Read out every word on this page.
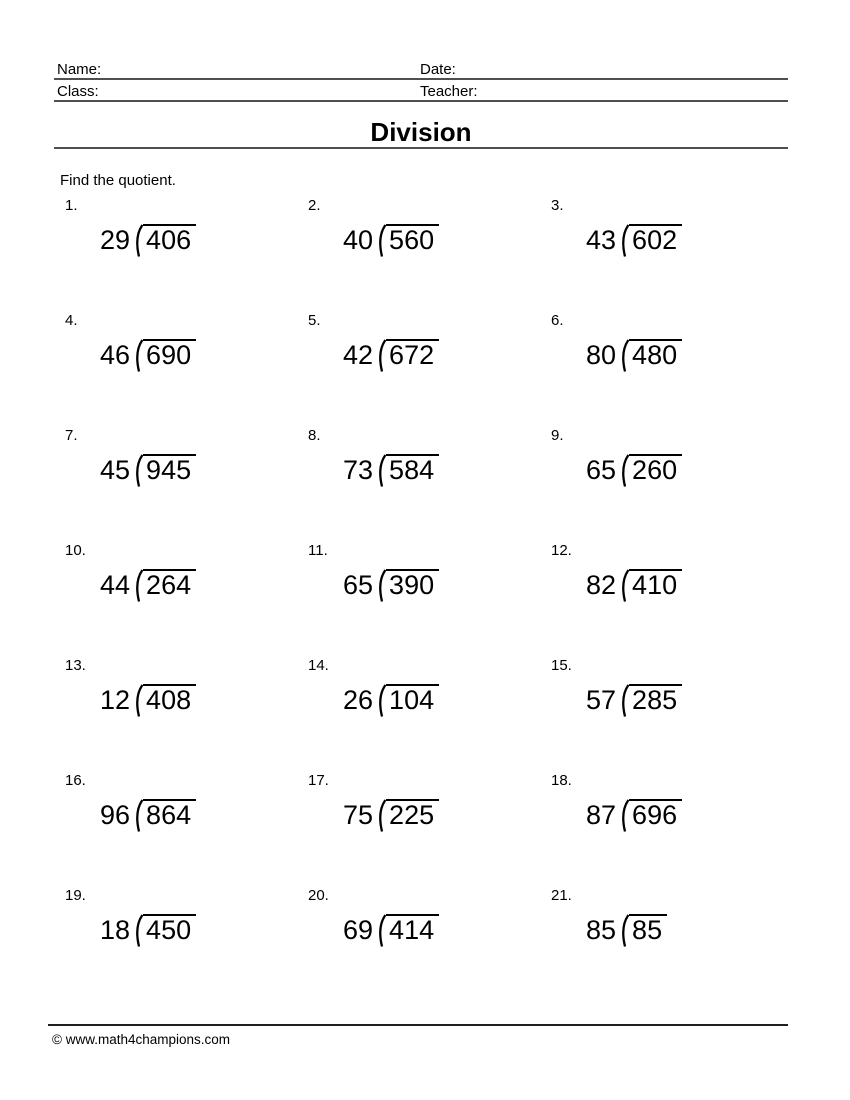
Name:	Date:
Class:	Teacher:
Division
Find the quotient.
1.
29 406
2.
40 560
3.
43 602
4.
46 690
5.
42 672
6.
80 480
7.
45 945
8.
73 584
9.
65 260
10.
44 264
11.
65 390
12.
82 410
13.
12 408
14.
26 104
15.
57 285
16.
96 864
17.
75 225
18.
87 696
19.
18 450
20.
69 414
21.
85 85
© www.math4champions.com
